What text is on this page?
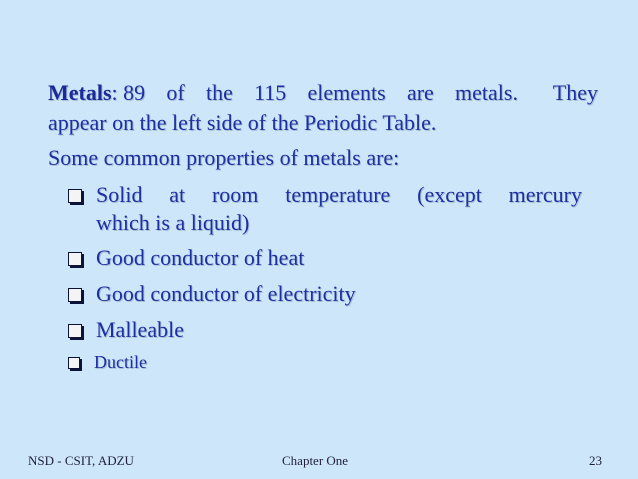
Metals: 89 of the 115 elements are metals. They
appear on the left side of the Periodic Table.
Some common properties of metals are:
Solid at room temperature (except mercury
which is a liquid)
Good conductor of heat
Good conductor of electricity
Malleable
Ductile
NSD - CSIT, ADZU	Chapter One	23
